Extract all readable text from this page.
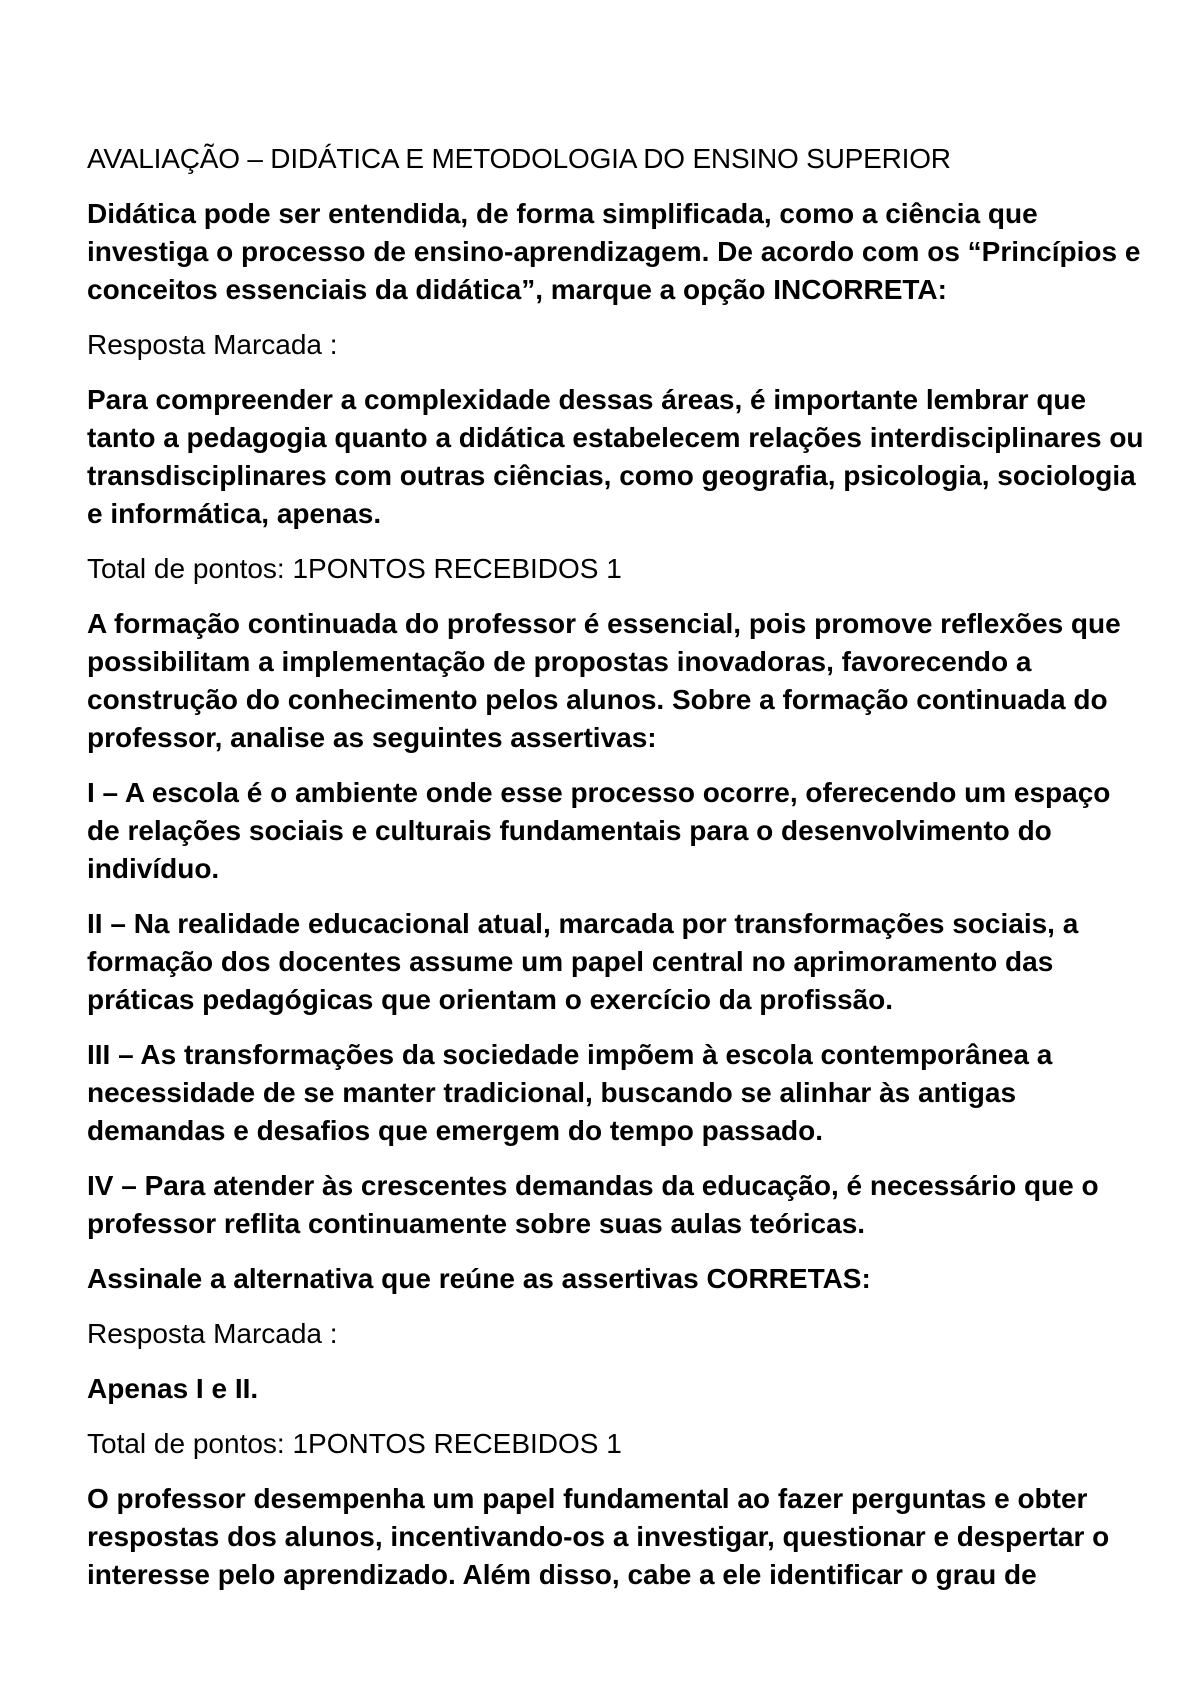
AVALIAÇÃO – DIDÁTICA E METODOLOGIA DO ENSINO SUPERIOR

Didática pode ser entendida, de forma simplificada, como a ciência que investiga o processo de ensino-aprendizagem. De acordo com os “Princípios e conceitos essenciais da didática”, marque a opção INCORRETA:

Resposta Marcada :

Para compreender a complexidade dessas áreas, é importante lembrar que tanto a pedagogia quanto a didática estabelecem relações interdisciplinares ou transdisciplinares com outras ciências, como geografia, psicologia, sociologia e informática, apenas.

Total de pontos: 1PONTOS RECEBIDOS 1

A formação continuada do professor é essencial, pois promove reflexões que possibilitam a implementação de propostas inovadoras, favorecendo a construção do conhecimento pelos alunos. Sobre a formação continuada do professor, analise as seguintes assertivas:

I – A escola é o ambiente onde esse processo ocorre, oferecendo um espaço de relações sociais e culturais fundamentais para o desenvolvimento do indivíduo.

II – Na realidade educacional atual, marcada por transformações sociais, a formação dos docentes assume um papel central no aprimoramento das práticas pedagógicas que orientam o exercício da profissão.

III – As transformações da sociedade impõem à escola contemporânea a necessidade de se manter tradicional, buscando se alinhar às antigas demandas e desafios que emergem do tempo passado.

IV – Para atender às crescentes demandas da educação, é necessário que o professor reflita continuamente sobre suas aulas teóricas.

Assinale a alternativa que reúne as assertivas CORRETAS:

Resposta Marcada :

Apenas I e II.

Total de pontos: 1PONTOS RECEBIDOS 1

O professor desempenha um papel fundamental ao fazer perguntas e obter respostas dos alunos, incentivando-os a investigar, questionar e despertar o interesse pelo aprendizado. Além disso, cabe a ele identificar o grau de
